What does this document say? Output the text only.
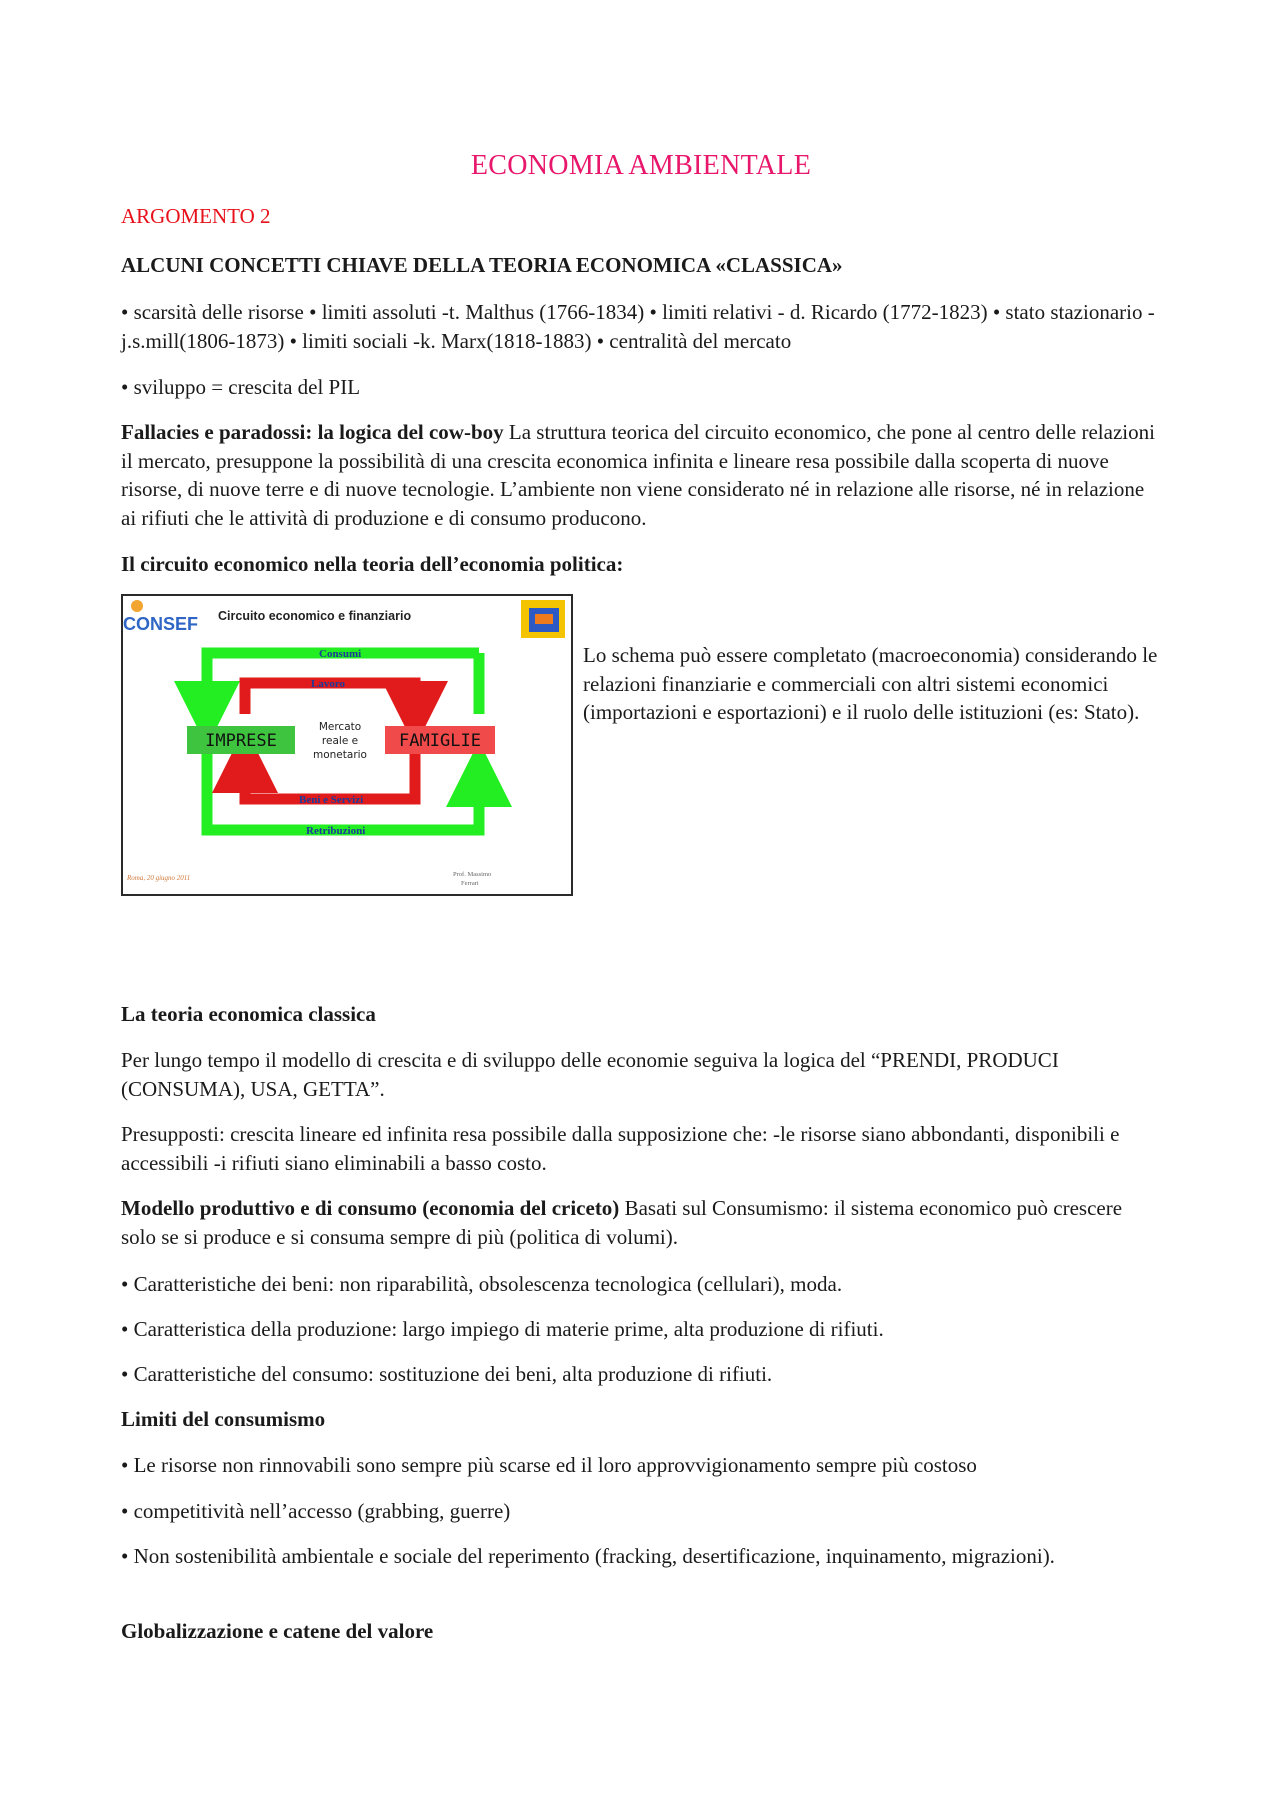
ECONOMIA AMBIENTALE
ARGOMENTO 2

ALCUNI CONCETTI CHIAVE DELLA TEORIA ECONOMICA «CLASSICA»

• scarsità delle risorse • limiti assoluti -t. Malthus (1766-1834) • limiti relativi - d. Ricardo (1772-1823) • stato stazionario -j.s.mill(1806-1873) • limiti sociali -k. Marx(1818-1883) • centralità del mercato

• sviluppo = crescita del PIL

Fallacies e paradossi: la logica del cow-boy La struttura teorica del circuito economico, che pone al centro delle relazioni il mercato, presuppone la possibilità di una crescita economica infinita e lineare resa possibile dalla scoperta di nuove risorse, di nuove terre e di nuove tecnologie. L’ambiente non viene considerato né in relazione alle risorse, né in relazione ai rifiuti che le attività di produzione e di consumo producono.

Il circuito economico nella teoria dell’economia politica:

La teoria economica classica

Per lungo tempo il modello di crescita e di sviluppo delle economie seguiva la logica del “PRENDI, PRODUCI (CONSUMA), USA, GETTA”.

Presupposti: crescita lineare ed infinita resa possibile dalla supposizione che: -le risorse siano abbondanti, disponibili e accessibili -i rifiuti siano eliminabili a basso costo.

Modello produttivo e di consumo (economia del criceto) Basati sul Consumismo: il sistema economico può crescere solo se si produce e si consuma sempre di più (politica di volumi).

• Caratteristiche dei beni: non riparabilità, obsolescenza tecnologica (cellulari), moda.

• Caratteristica della produzione: largo impiego di materie prime, alta produzione di rifiuti.

• Caratteristiche del consumo: sostituzione dei beni, alta produzione di rifiuti.

Limiti del consumismo

• Le risorse non rinnovabili sono sempre più scarse ed il loro approvvigionamento sempre più costoso

• competitività nell’accesso (grabbing, guerre)

• Non sostenibilità ambientale e sociale del reperimento (fracking, desertificazione, inquinamento, migrazioni).

Globalizzazione e catene del valore

CONSEF Circuito economico e finanziario
Consumi
Lavoro
Beni e Servizi
Retribuzioni
IMPRESE	FAMIGLIE
Mercato
reale e
monetario
Roma, 20 giugno 2011	Prof. Massimo
Ferrari

Lo schema può essere completato (macroeconomia) considerando le relazioni finanziarie e commerciali con altri sistemi economici (importazioni e esportazioni) e il ruolo delle istituzioni (es: Stato).
